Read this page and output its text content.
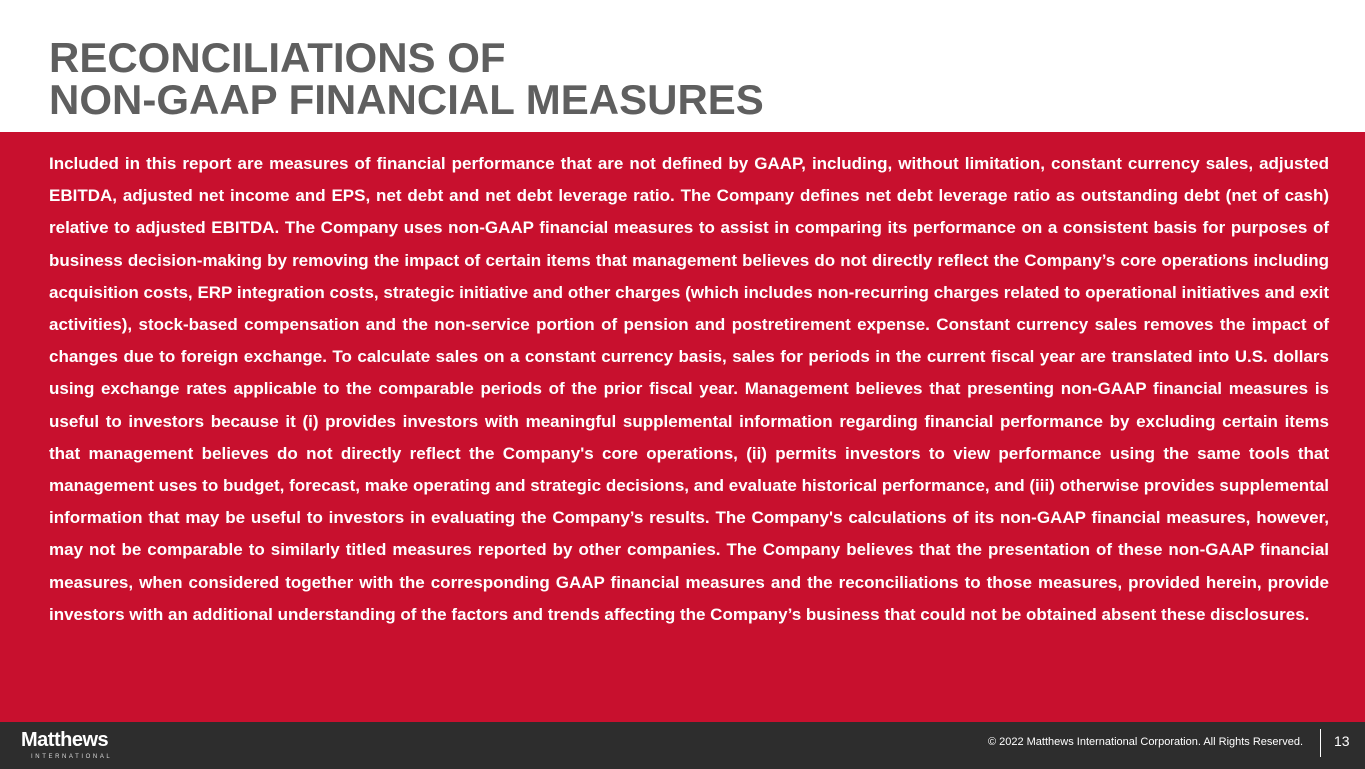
RECONCILIATIONS OF
NON-GAAP FINANCIAL MEASURES

Included in this report are measures of financial performance that are not defined by GAAP, including, without limitation, constant currency sales, adjusted EBITDA, adjusted net income and EPS, net debt and net debt leverage ratio. The Company defines net debt leverage ratio as outstanding debt (net of cash) relative to adjusted EBITDA. The Company uses non-GAAP financial measures to assist in comparing its performance on a consistent basis for purposes of business decision-making by removing the impact of certain items that management believes do not directly reflect the Company’s core operations including acquisition costs, ERP integration costs, strategic initiative and other charges (which includes non-recurring charges related to operational initiatives and exit activities), stock-based compensation and the non-service portion of pension and postretirement expense. Constant currency sales removes the impact of changes due to foreign exchange. To calculate sales on a constant currency basis, sales for periods in the current fiscal year are translated into U.S. dollars using exchange rates applicable to the comparable periods of the prior fiscal year. Management believes that presenting non-GAAP financial measures is useful to investors because it (i) provides investors with meaningful supplemental information regarding financial performance by excluding certain items that management believes do not directly reflect the Company's core operations, (ii) permits investors to view performance using the same tools that management uses to budget, forecast, make operating and strategic decisions, and evaluate historical performance, and (iii) otherwise provides supplemental information that may be useful to investors in evaluating the Company’s results. The Company's calculations of its non-GAAP financial measures, however, may not be comparable to similarly titled measures reported by other companies. The Company believes that the presentation of these non-GAAP financial measures, when considered together with the corresponding GAAP financial measures and the reconciliations to those measures, provided herein, provide investors with an additional understanding of the factors and trends affecting the Company’s business that could not be obtained absent these disclosures.

Matthews
INTERNATIONAL
© 2022 Matthews International Corporation. All Rights Reserved. 13
